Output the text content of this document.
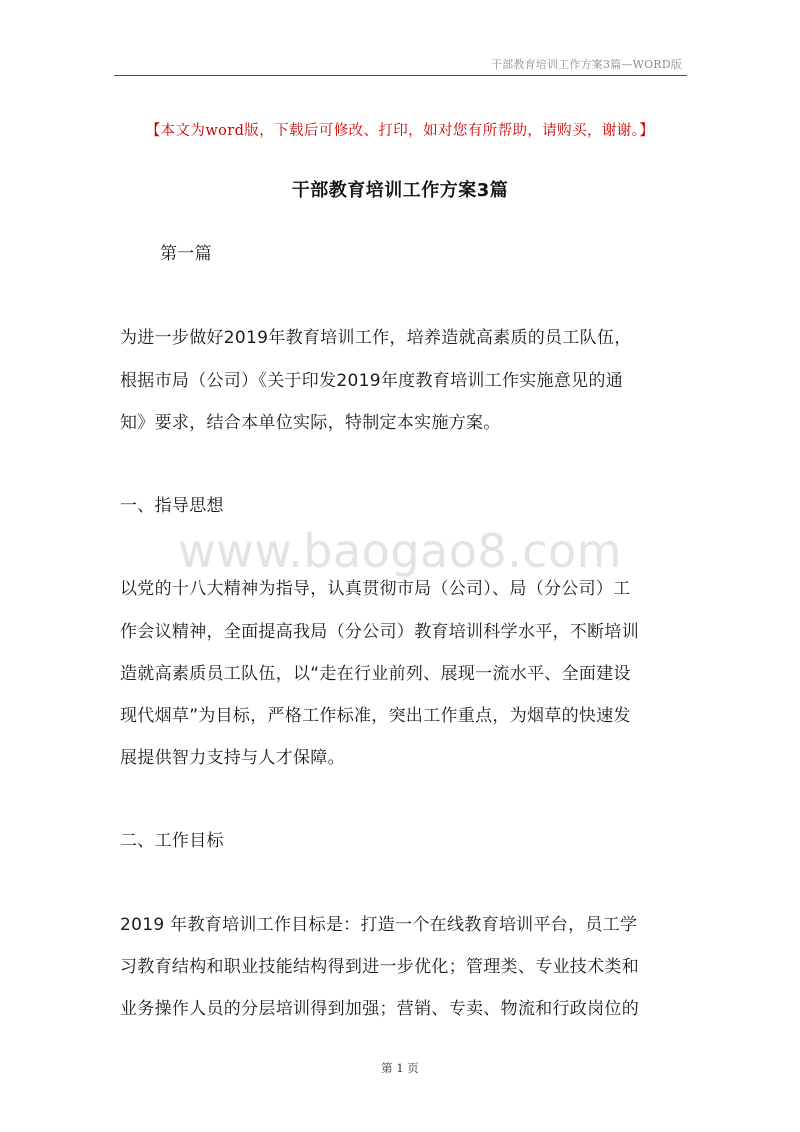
干部教育培训工作方案3篇—WORD版
【本文为word版，下载后可修改、打印，如对您有所帮助，请购买，谢谢。】
干部教育培训工作方案3篇
第一篇
为进一步做好2019年教育培训工作，培养造就高素质的员工队伍，
根据市局（公司）《关于印发2019年度教育培训工作实施意见的通
知》要求，结合本单位实际，特制定本实施方案。
一、指导思想
www.baogao8.com
以党的十八大精神为指导，认真贯彻市局（公司）、局（分公司）工
作会议精神，全面提高我局（分公司）教育培训科学水平，不断培训
造就高素质员工队伍，以“走在行业前列、展现一流水平、全面建设
现代烟草”为目标，严格工作标准，突出工作重点，为烟草的快速发
展提供智力支持与人才保障。
二、工作目标
2019 年教育培训工作目标是：打造一个在线教育培训平台，员工学
习教育结构和职业技能结构得到进一步优化；管理类、专业技术类和
业务操作人员的分层培训得到加强；营销、专卖、物流和行政岗位的
第 1 页
